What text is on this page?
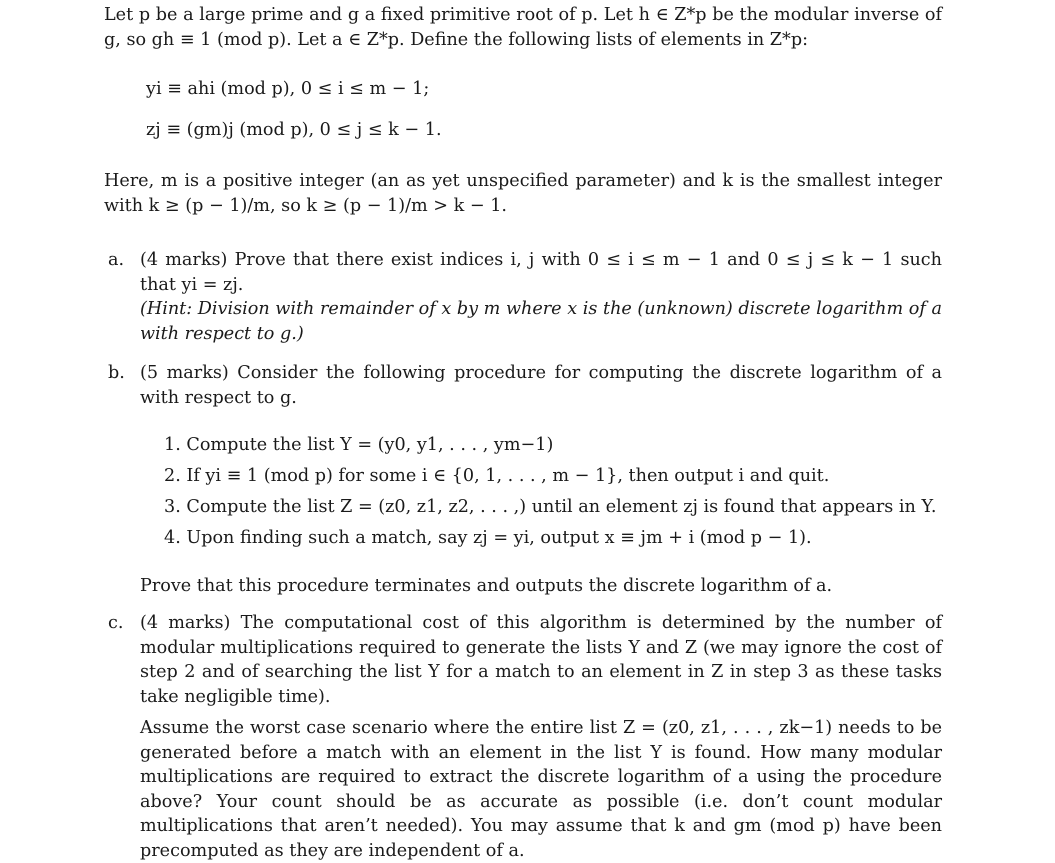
Let p be a large prime and g a fixed primitive root of p. Let h ∈ Z*p be the modular inverse of g, so gh ≡ 1 (mod p). Let a ∈ Z*p. Define the following lists of elements in Z*p:

yi ≡ ahi (mod p), 0 ≤ i ≤ m − 1;
zj ≡ (gm)j (mod p), 0 ≤ j ≤ k − 1.

Here, m is a positive integer (an as yet unspecified parameter) and k is the smallest integer with k ≥ (p − 1)/m, so k ≥ (p − 1)/m > k − 1.

a. (4 marks) Prove that there exist indices i, j with 0 ≤ i ≤ m − 1 and 0 ≤ j ≤ k − 1 such that yi = zj.
(Hint: Division with remainder of x by m where x is the (unknown) discrete logarithm of a with respect to g.)
b. (5 marks) Consider the following procedure for computing the discrete logarithm of a with respect to g.
1. Compute the list Y = (y0, y1, . . . , ym−1)
2. If yi ≡ 1 (mod p) for some i ∈ {0, 1, . . . , m − 1}, then output i and quit.
3. Compute the list Z = (z0, z1, z2, . . . ,) until an element zj is found that appears in Y.
4. Upon finding such a match, say zj = yi, output x ≡ jm + i (mod p − 1).
Prove that this procedure terminates and outputs the discrete logarithm of a.
c. (4 marks) The computational cost of this algorithm is determined by the number of modular multiplications required to generate the lists Y and Z (we may ignore the cost of step 2 and of searching the list Y for a match to an element in Z in step 3 as these tasks take negligible time).
Assume the worst case scenario where the entire list Z = (z0, z1, . . . , zk−1) needs to be generated before a match with an element in the list Y is found. How many modular multiplications are required to extract the discrete logarithm of a using the procedure above? Your count should be as accurate as possible (i.e. don’t count modular multiplications that aren’t needed). You may assume that k and gm (mod p) have been precomputed as they are independent of a.
